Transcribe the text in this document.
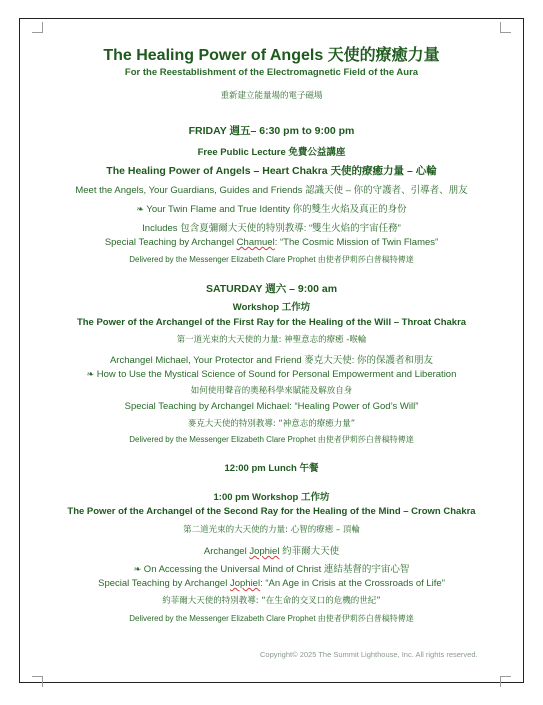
The Healing Power of Angels 天使的療癒力量
For the Reestablishment of the Electromagnetic Field of the Aura
重新建立能量場的電子磁場
FRIDAY 週五– 6:30 pm to 9:00 pm
Free Public Lecture 免費公益講座
The Healing Power of Angels – Heart Chakra 天使的療癒力量 – 心輪
Meet the Angels, Your Guardians, Guides and Friends 認識天使 – 你的守護者、引導者、朋友
❧ Your Twin Flame and True Identity 你的雙生火焰及真正的身份
Includes 包含夏彌爾大天使的特別教導: “雙生火焰的宇宙任務”
Special Teaching by Archangel Chamuel: “The Cosmic Mission of Twin Flames”
Delivered by the Messenger Elizabeth Clare Prophet 由使者伊莉莎白普稿特傳達
SATURDAY 週六 – 9:00 am
Workshop 工作坊
The Power of the Archangel of the First Ray for the Healing of the Will – Throat Chakra
第一道光束的大天使的力量: 神聖意志的療癒 -喉輪
Archangel Michael, Your Protector and Friend 麥克大天使: 你的保護者和朋友
❧ How to Use the Mystical Science of Sound for Personal Empowerment and Liberation
如何使用聲音的奧秘科學來賦能及解放自身
Special Teaching by Archangel Michael: “Healing Power of God’s Will”
麥克大天使的特別教導: “神意志的療癒力量”
Delivered by the Messenger Elizabeth Clare Prophet 由使者伊莉莎白普稿特傳達
12:00 pm Lunch 午餐
1:00 pm Workshop 工作坊
The Power of the Archangel of the Second Ray for the Healing of the Mind – Crown Chakra
第二道光束的大天使的力量: 心智的療癒 – 頂輪
Archangel Jophiel 約菲爾大天使
❧ On Accessing the Universal Mind of Christ 連結基督的宇宙心智
Special Teaching by Archangel Jophiel: “An Age in Crisis at the Crossroads of Life”
約菲爾大天使的特別教導: “在生命的交叉口的危機的世紀”
Delivered by the Messenger Elizabeth Clare Prophet 由使者伊莉莎白普稿特傳達
Copyright© 2025 The Summit Lighthouse, Inc. All rights reserved.
